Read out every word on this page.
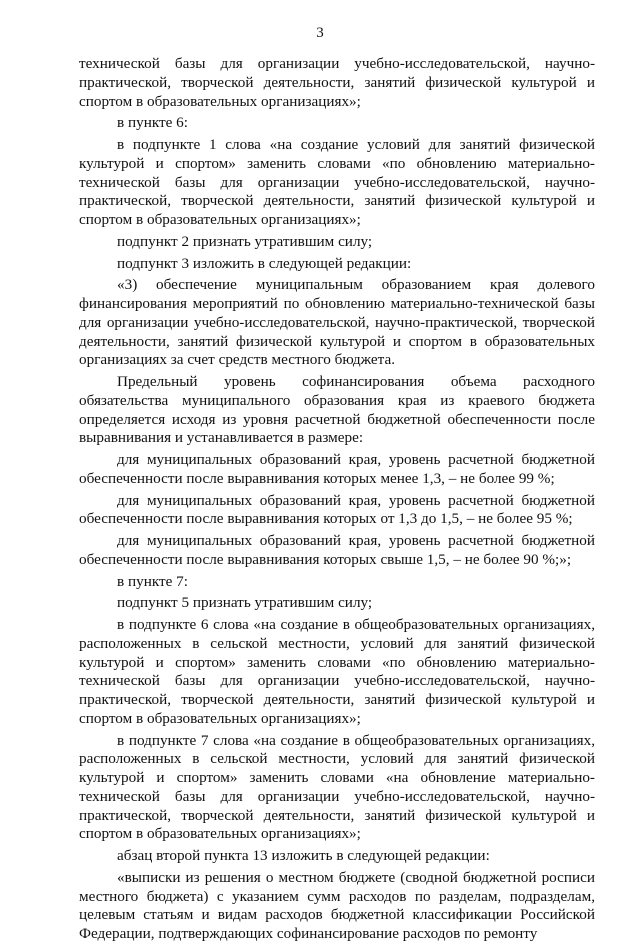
3

технической базы для организации учебно-исследовательской, научно-практической, творческой деятельности, занятий физической культурой и спортом в образовательных организациях»;

в пункте 6:

в подпункте 1 слова «на создание условий для занятий физической культурой и спортом» заменить словами «по обновлению материально-технической базы для организации учебно-исследовательской, научно-практической, творческой деятельности, занятий физической культурой и спортом в образовательных организациях»;

подпункт 2 признать утратившим силу;

подпункт 3 изложить в следующей редакции:

«3) обеспечение муниципальным образованием края долевого финансирования мероприятий по обновлению материально-технической базы для организации учебно-исследовательской, научно-практической, творческой деятельности, занятий физической культурой и спортом в образовательных организациях за счет средств местного бюджета.

Предельный уровень софинансирования объема расходного обязательства муниципального образования края из краевого бюджета определяется исходя из уровня расчетной бюджетной обеспеченности после выравнивания и устанавливается в размере:

для муниципальных образований края, уровень расчетной бюджетной обеспеченности после выравнивания которых менее 1,3, – не более 99 %;

для муниципальных образований края, уровень расчетной бюджетной обеспеченности после выравнивания которых от 1,3 до 1,5, – не более 95 %;

для муниципальных образований края, уровень расчетной бюджетной обеспеченности после выравнивания которых свыше 1,5, – не более 90 %;»;

в пункте 7:

подпункт 5 признать утратившим силу;

в подпункте 6 слова «на создание в общеобразовательных организациях, расположенных в сельской местности, условий для занятий физической культурой и спортом» заменить словами «по обновлению материально-технической базы для организации учебно-исследовательской, научно-практической, творческой деятельности, занятий физической культурой и спортом в образовательных организациях»;

в подпункте 7 слова «на создание в общеобразовательных организациях, расположенных в сельской местности, условий для занятий физической культурой и спортом» заменить словами «на обновление материально-технической базы для организации учебно-исследовательской, научно-практической, творческой деятельности, занятий физической культурой и спортом в образовательных организациях»;

абзац второй пункта 13 изложить в следующей редакции:

«выписки из решения о местном бюджете (сводной бюджетной росписи местного бюджета) с указанием сумм расходов по разделам, подразделам, целевым статьям и видам расходов бюджетной классификации Российской Федерации, подтверждающих софинансирование расходов по ремонту
